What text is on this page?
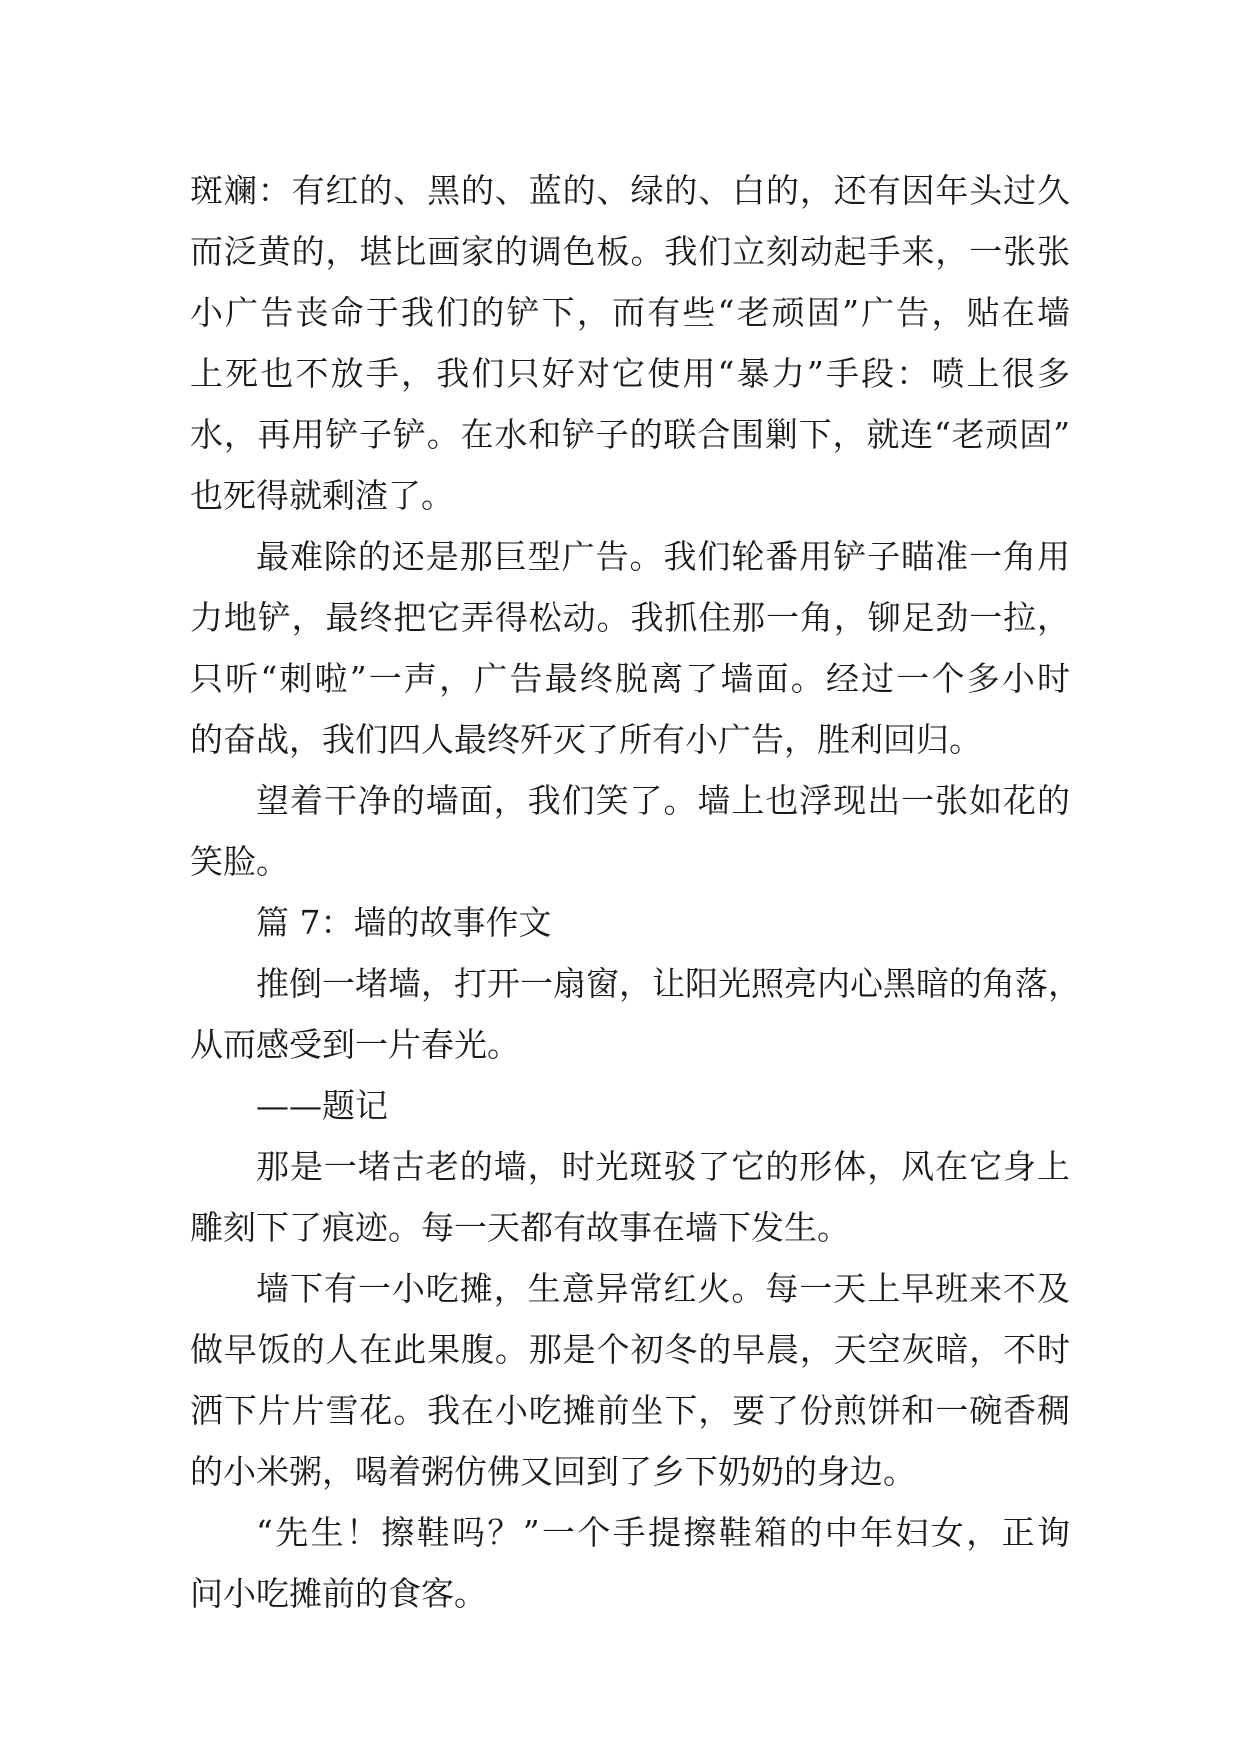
斑斓：有红的、黑的、蓝的、绿的、白的，还有因年头过久
而泛黄的，堪比画家的调色板。我们立刻动起手来，一张张
小广告丧命于我们的铲下，而有些“老顽固”广告，贴在墙
上死也不放手，我们只好对它使用“暴力”手段：喷上很多
水，再用铲子铲。在水和铲子的联合围剿下，就连“老顽固”
也死得就剩渣了。
最难除的还是那巨型广告。我们轮番用铲子瞄准一角用
力地铲，最终把它弄得松动。我抓住那一角，铆足劲一拉，
只听“刺啦”一声，广告最终脱离了墙面。经过一个多小时
的奋战，我们四人最终歼灭了所有小广告，胜利回归。
望着干净的墙面，我们笑了。墙上也浮现出一张如花的
笑脸。
篇 7：墙的故事作文
推倒一堵墙，打开一扇窗，让阳光照亮内心黑暗的角落，
从而感受到一片春光。
——题记
那是一堵古老的墙，时光斑驳了它的形体，风在它身上
雕刻下了痕迹。每一天都有故事在墙下发生。
墙下有一小吃摊，生意异常红火。每一天上早班来不及
做早饭的人在此果腹。那是个初冬的早晨，天空灰暗，不时
洒下片片雪花。我在小吃摊前坐下，要了份煎饼和一碗香稠
的小米粥，喝着粥仿佛又回到了乡下奶奶的身边。
“先生！擦鞋吗？”一个手提擦鞋箱的中年妇女，正询
问小吃摊前的食客。
